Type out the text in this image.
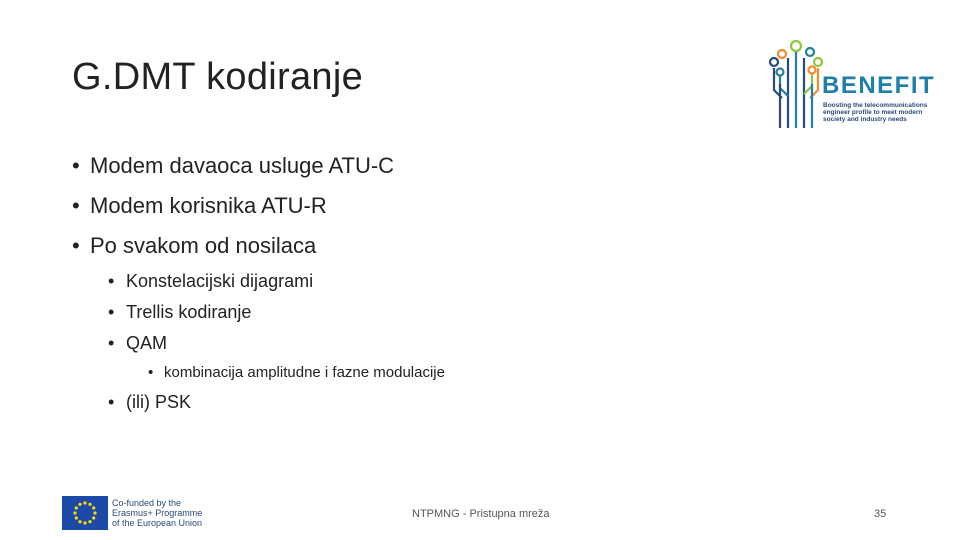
G.DMT kodiranje	BENEFIT
Boosting the telecommunications
engineer profile to meet modern
society and industry needs
• Modem davaoca usluge ATU-C
• Modem korisnika ATU-R
• Po svakom od nosilaca
• Konstelacijski dijagrami
• Trellis kodiranje
• QAM
• kombinacija amplitudne i fazne modulacije
• (ili) PSK
Co-funded by the
Erasmus+ Programme
of the European Union
NTPMNG - Pristupna mreža	35
